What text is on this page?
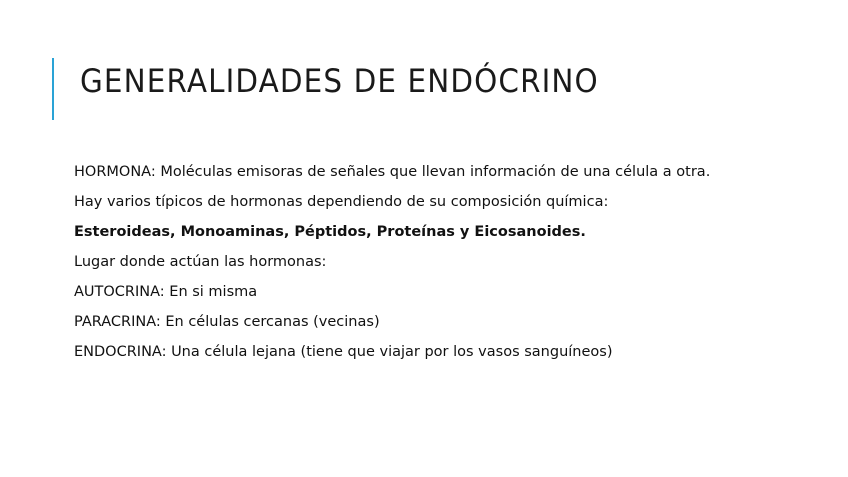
GENERALIDADES DE ENDÓCRINO

HORMONA: Moléculas emisoras de señales que llevan información de una célula a otra.

Hay varios típicos de hormonas dependiendo de su composición química:

Esteroideas, Monoaminas, Péptidos, Proteínas y Eicosanoides.

Lugar donde actúan las hormonas:

AUTOCRINA: En si misma

PARACRINA: En células cercanas (vecinas)

ENDOCRINA: Una célula lejana (tiene que viajar por los vasos sanguíneos)
